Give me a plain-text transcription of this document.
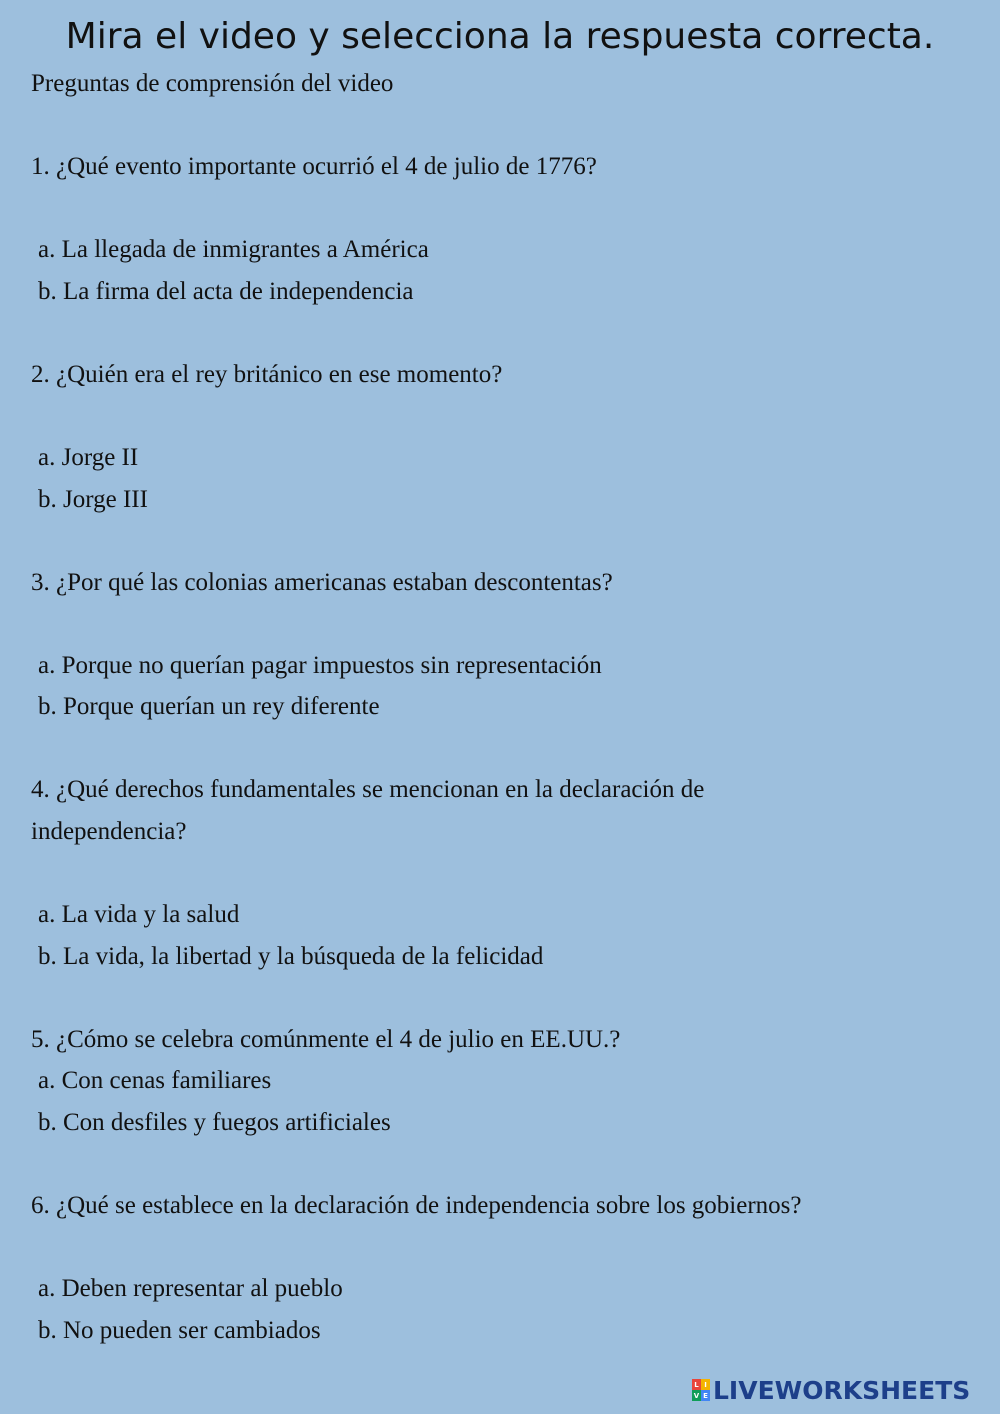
Mira el video y selecciona la respuesta correcta.
Preguntas de comprensión del video
1. ¿Qué evento importante ocurrió el 4 de julio de 1776?
a. La llegada de inmigrantes a América
b. La firma del acta de independencia
2. ¿Quién era el rey británico en ese momento?
a. Jorge II
b. Jorge III
3. ¿Por qué las colonias americanas estaban descontentas?
a. Porque no querían pagar impuestos sin representación
b. Porque querían un rey diferente
4. ¿Qué derechos fundamentales se mencionan en la declaración de
independencia?
a. La vida y la salud
b. La vida, la libertad y la búsqueda de la felicidad
5. ¿Cómo se celebra comúnmente el 4 de julio en EE.UU.?
a. Con cenas familiares
b. Con desfiles y fuegos artificiales
6. ¿Qué se establece en la declaración de independencia sobre los gobiernos?
a. Deben representar al pueblo
b. No pueden ser cambiados
L I
V E LIVEWORKSHEETS
